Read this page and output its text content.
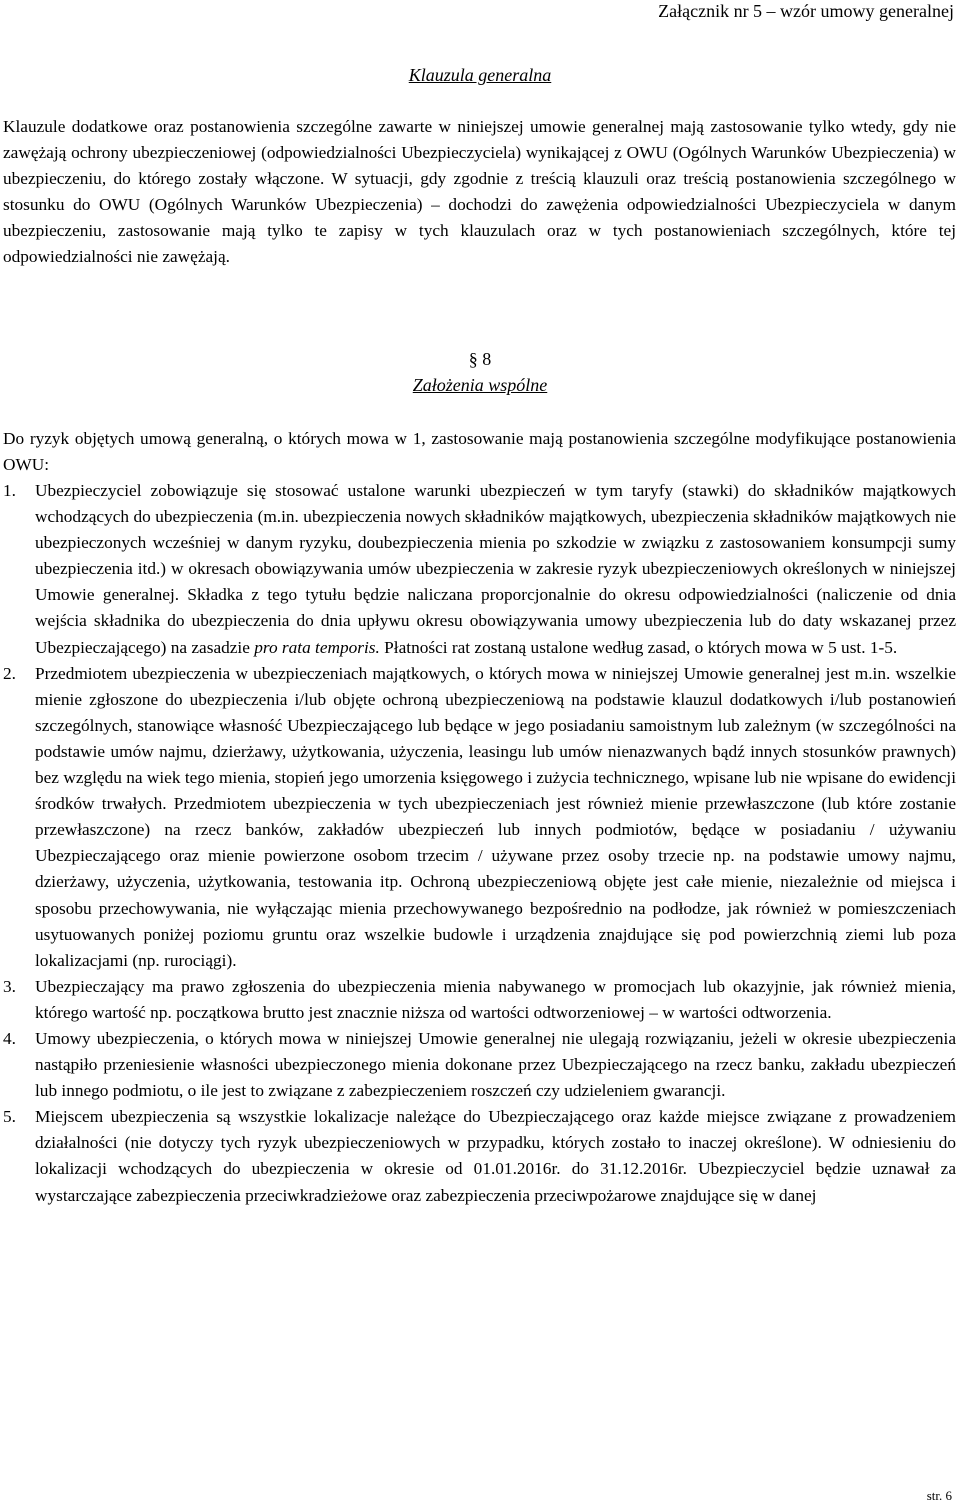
Załącznik nr 5 – wzór umowy generalnej
Klauzula generalna
Klauzule dodatkowe oraz postanowienia szczególne zawarte w niniejszej umowie generalnej mają zastosowanie tylko wtedy, gdy nie zawężają ochrony ubezpieczeniowej (odpowiedzialności Ubezpieczyciela) wynikającej z OWU (Ogólnych Warunków Ubezpieczenia) w ubezpieczeniu, do którego zostały włączone. W sytuacji, gdy zgodnie z treścią klauzuli oraz treścią postanowienia szczególnego w stosunku do OWU (Ogólnych Warunków Ubezpieczenia) – dochodzi do zawężenia odpowiedzialności Ubezpieczyciela w danym ubezpieczeniu, zastosowanie mają tylko te zapisy w tych klauzulach oraz w tych postanowieniach szczególnych, które tej odpowiedzialności nie zawężają.
§ 8
Założenia wspólne
Do ryzyk objętych umową generalną, o których mowa w 1, zastosowanie mają postanowienia szczególne modyfikujące postanowienia OWU:
1. Ubezpieczyciel zobowiązuje się stosować ustalone warunki ubezpieczeń w tym taryfy (stawki) do składników majątkowych wchodzących do ubezpieczenia (m.in. ubezpieczenia nowych składników majątkowych, ubezpieczenia składników majątkowych nie ubezpieczonych wcześniej w danym ryzyku, doubezpieczenia mienia po szkodzie w związku z zastosowaniem konsumpcji sumy ubezpieczenia itd.) w okresach obowiązywania umów ubezpieczenia w zakresie ryzyk ubezpieczeniowych określonych w niniejszej Umowie generalnej. Składka z tego tytułu będzie naliczana proporcjonalnie do okresu odpowiedzialności (naliczenie od dnia wejścia składnika do ubezpieczenia do dnia upływu okresu obowiązywania umowy ubezpieczenia lub do daty wskazanej przez Ubezpieczającego) na zasadzie pro rata temporis. Płatności rat zostaną ustalone według zasad, o których mowa w 5 ust. 1-5.
2. Przedmiotem ubezpieczenia w ubezpieczeniach majątkowych, o których mowa w niniejszej Umowie generalnej jest m.in. wszelkie mienie zgłoszone do ubezpieczenia i/lub objęte ochroną ubezpieczeniową na podstawie klauzul dodatkowych i/lub postanowień szczególnych, stanowiące własność Ubezpieczającego lub będące w jego posiadaniu samoistnym lub zależnym (w szczególności na podstawie umów najmu, dzierżawy, użytkowania, użyczenia, leasingu lub umów nienazwanych bądź innych stosunków prawnych) bez względu na wiek tego mienia, stopień jego umorzenia księgowego i zużycia technicznego, wpisane lub nie wpisane do ewidencji środków trwałych. Przedmiotem ubezpieczenia w tych ubezpieczeniach jest również mienie przewłaszczone (lub które zostanie przewłaszczone) na rzecz banków, zakładów ubezpieczeń lub innych podmiotów, będące w posiadaniu / używaniu Ubezpieczającego oraz mienie powierzone osobom trzecim / używane przez osoby trzecie np. na podstawie umowy najmu, dzierżawy, użyczenia, użytkowania, testowania itp. Ochroną ubezpieczeniową objęte jest całe mienie, niezależnie od miejsca i sposobu przechowywania, nie wyłączając mienia przechowywanego bezpośrednio na podłodze, jak również w pomieszczeniach usytuowanych poniżej poziomu gruntu oraz wszelkie budowle i urządzenia znajdujące się pod powierzchnią ziemi lub poza lokalizacjami (np. rurociągi).
3. Ubezpieczający ma prawo zgłoszenia do ubezpieczenia mienia nabywanego w promocjach lub okazyjnie, jak również mienia, którego wartość np. początkowa brutto jest znacznie niższa od wartości odtworzeniowej – w wartości odtworzenia.
4. Umowy ubezpieczenia, o których mowa w niniejszej Umowie generalnej nie ulegają rozwiązaniu, jeżeli w okresie ubezpieczenia nastąpiło przeniesienie własności ubezpieczonego mienia dokonane przez Ubezpieczającego na rzecz banku, zakładu ubezpieczeń lub innego podmiotu, o ile jest to związane z zabezpieczeniem roszczeń czy udzieleniem gwarancji.
5. Miejscem ubezpieczenia są wszystkie lokalizacje należące do Ubezpieczającego oraz każde miejsce związane z prowadzeniem działalności (nie dotyczy tych ryzyk ubezpieczeniowych w przypadku, których zostało to inaczej określone). W odniesieniu do lokalizacji wchodzących do ubezpieczenia w okresie od 01.01.2016r. do 31.12.2016r. Ubezpieczyciel będzie uznawał za wystarczające zabezpieczenia przeciwkradzieżowe oraz zabezpieczenia przeciwpożarowe znajdujące się w danej
str. 6
